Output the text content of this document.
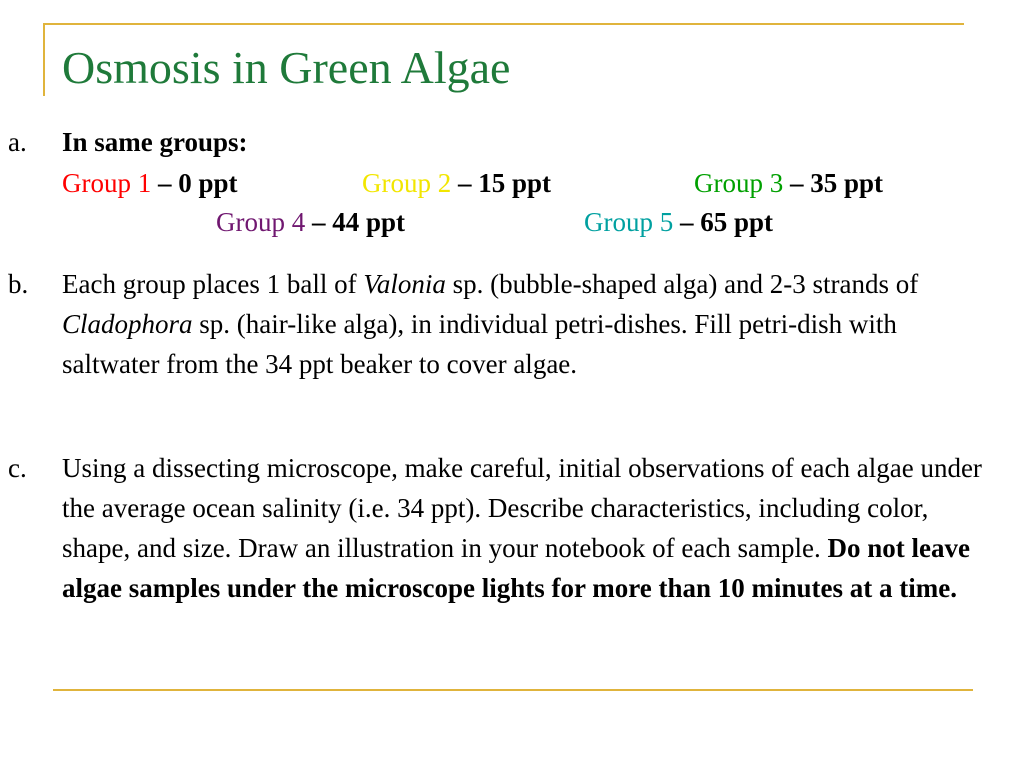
Osmosis in Green Algae
a. In same groups:
Group 1 – 0 ppt	Group 2 – 15 ppt	Group 3 – 35 ppt
Group 4 – 44 ppt	Group 5 – 65 ppt
b. Each group places 1 ball of Valonia sp. (bubble-shaped alga) and 2-3 strands of Cladophora sp. (hair-like alga), in individual petri-dishes. Fill petri-dish with saltwater from the 34 ppt beaker to cover algae.
c. Using a dissecting microscope, make careful, initial observations of each algae under the average ocean salinity (i.e. 34 ppt). Describe characteristics, including color, shape, and size. Draw an illustration in your notebook of each sample. Do not leave algae samples under the microscope lights for more than 10 minutes at a time.
